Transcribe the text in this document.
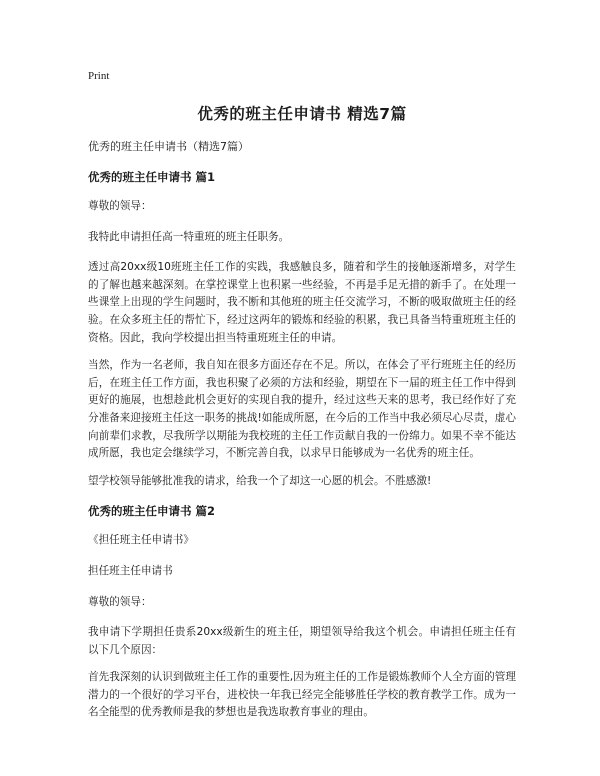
Print
优秀的班主任申请书 精选7篇
优秀的班主任申请书（精选7篇）
优秀的班主任申请书 篇1

尊敬的领导：

我特此申请担任高一特重班的班主任职务。

透过高20xx级10班班主任工作的实践，我感触良多，随着和学生的接触逐渐增多，对学生的了解也越来越深刻。在掌控课堂上也积累一些经验，不再是手足无措的新手了。在处理一些课堂上出现的学生问题时，我不断和其他班的班主任交流学习，不断的吸取做班主任的经验。在众多班主任的帮忙下，经过这两年的锻炼和经验的积累，我已具备当特重班班主任的资格。因此，我向学校提出担当特重班班主任的申请。

当然，作为一名老师，我自知在很多方面还存在不足。所以，在体会了平行班班主任的经历后，在班主任工作方面，我也积聚了必须的方法和经验，期望在下一届的班主任工作中得到更好的施展，也想趁此机会更好的实现自我的提升，经过这些天来的思考，我已经作好了充分准备来迎接班主任这一职务的挑战!如能成所愿，在今后的工作当中我必须尽心尽责，虚心向前辈们求教，尽我所学以期能为我校班的主任工作贡献自我的一份绵力。如果不幸不能达成所愿，我也定会继续学习，不断完善自我，以求早日能够成为一名优秀的班主任。

望学校领导能够批准我的请求，给我一个了却这一心愿的机会。不胜感激!

优秀的班主任申请书 篇2

《担任班主任申请书》

担任班主任申请书

尊敬的领导：

我申请下学期担任贵系20xx级新生的班主任，期望领导给我这个机会。申请担任班主任有以下几个原因：

首先我深刻的认识到做班主任工作的重要性,因为班主任的工作是锻炼教师个人全方面的管理潜力的一个很好的学习平台，进校快一年我已经完全能够胜任学校的教育教学工作。成为一名全能型的优秀教师是我的梦想也是我选取教育事业的理由。
